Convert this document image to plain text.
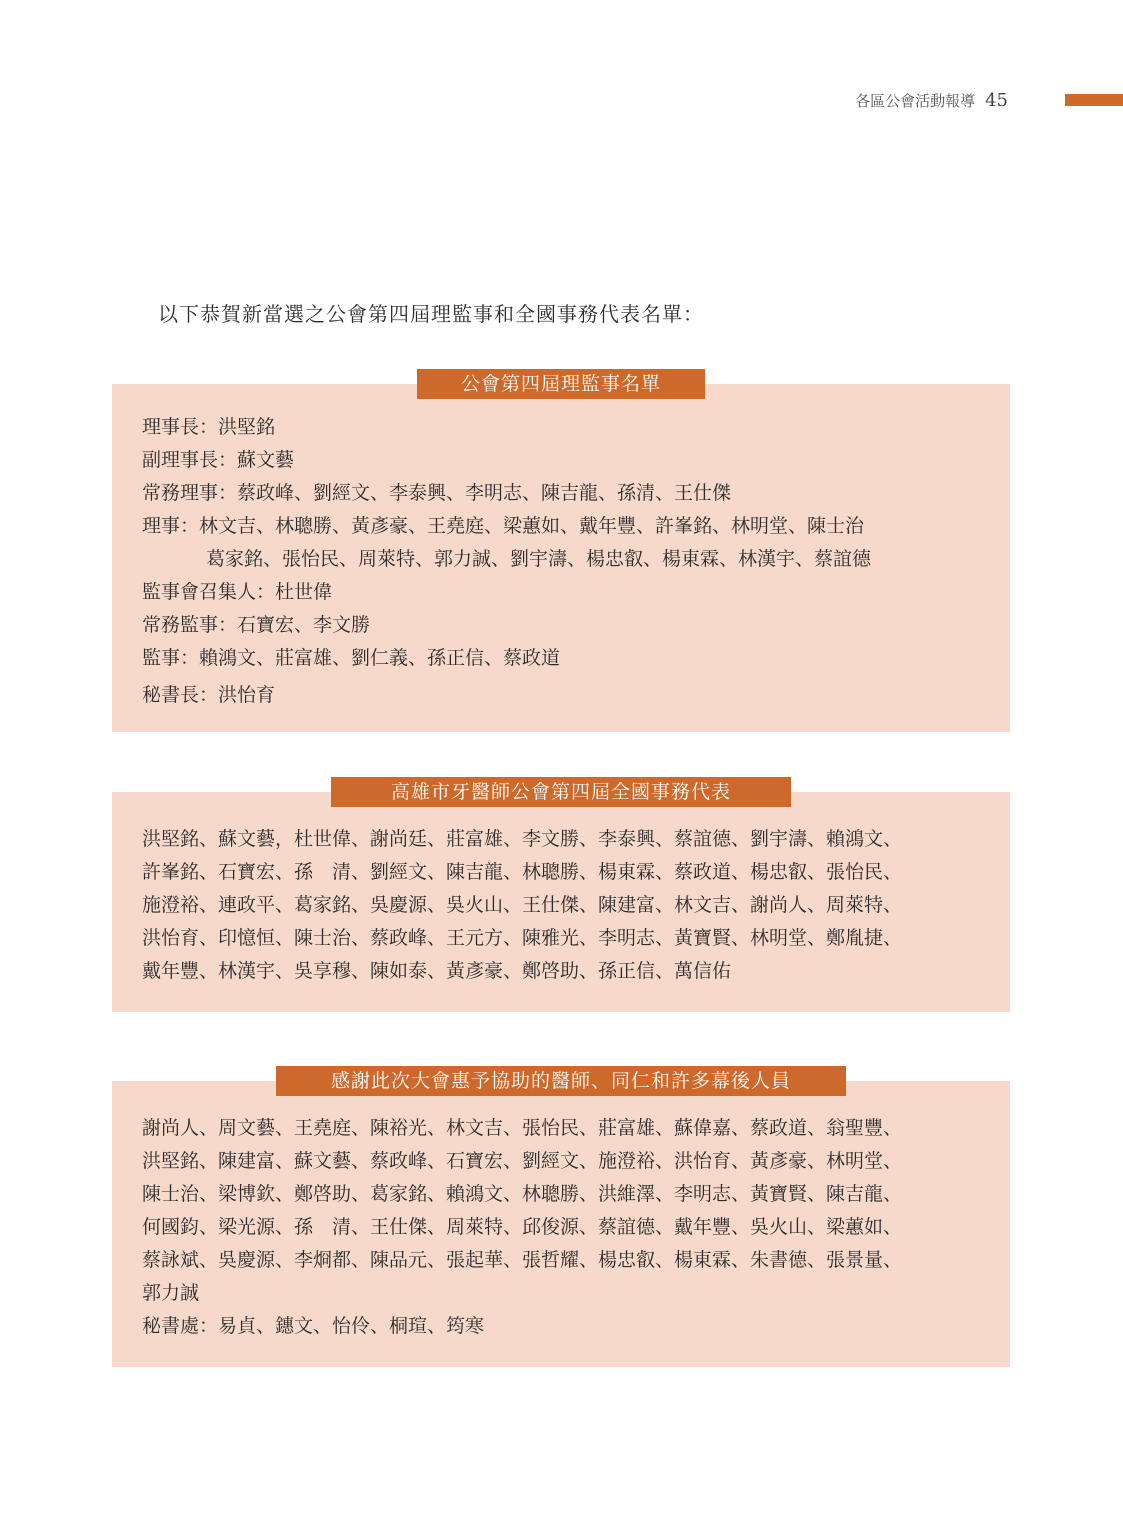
各區公會活動報導 45
以下恭賀新當選之公會第四屆理監事和全國事務代表名單：
公會第四屆理監事名單
理事長：洪堅銘
副理事長：蘇文藝
常務理事：蔡政峰、劉經文、李泰興、李明志、陳吉龍、孫清、王仕傑
理事：林文吉、林聰勝、黃彥豪、王堯庭、梁蕙如、戴年豐、許峯銘、林明堂、陳士治
葛家銘、張怡民、周萊特、郭力誠、劉宇濤、楊忠叡、楊東霖、林漢宇、蔡誼德
監事會召集人：杜世偉
常務監事：石寶宏、李文勝
監事：賴鴻文、莊富雄、劉仁義、孫正信、蔡政道
秘書長：洪怡育
高雄市牙醫師公會第四屆全國事務代表
洪堅銘、蘇文藝，杜世偉、謝尚廷、莊富雄、李文勝、李泰興、蔡誼德、劉宇濤、賴鴻文、
許峯銘、石寶宏、孫　清、劉經文、陳吉龍、林聰勝、楊東霖、蔡政道、楊忠叡、張怡民、
施澄裕、連政平、葛家銘、吳慶源、吳火山、王仕傑、陳建富、林文吉、謝尚人、周萊特、
洪怡育、印憶恒、陳士治、蔡政峰、王元方、陳雅光、李明志、黃寶賢、林明堂、鄭胤捷、
戴年豐、林漢宇、吳享穆、陳如泰、黃彥豪、鄭啓助、孫正信、萬信佑
感謝此次大會惠予協助的醫師、同仁和許多幕後人員
謝尚人、周文藝、王堯庭、陳裕光、林文吉、張怡民、莊富雄、蘇偉嘉、蔡政道、翁聖豐、
洪堅銘、陳建富、蘇文藝、蔡政峰、石寶宏、劉經文、施澄裕、洪怡育、黃彥豪、林明堂、
陳士治、梁博欽、鄭啓助、葛家銘、賴鴻文、林聰勝、洪維澤、李明志、黃寶賢、陳吉龍、
何國鈞、梁光源、孫　清、王仕傑、周萊特、邱俊源、蔡誼德、戴年豐、吳火山、梁蕙如、
蔡詠斌、吳慶源、李烱都、陳品元、張起華、張哲耀、楊忠叡、楊東霖、朱書德、張景量、
郭力誠
秘書處：易貞、鏸文、怡伶、桐瑄、筠寒
